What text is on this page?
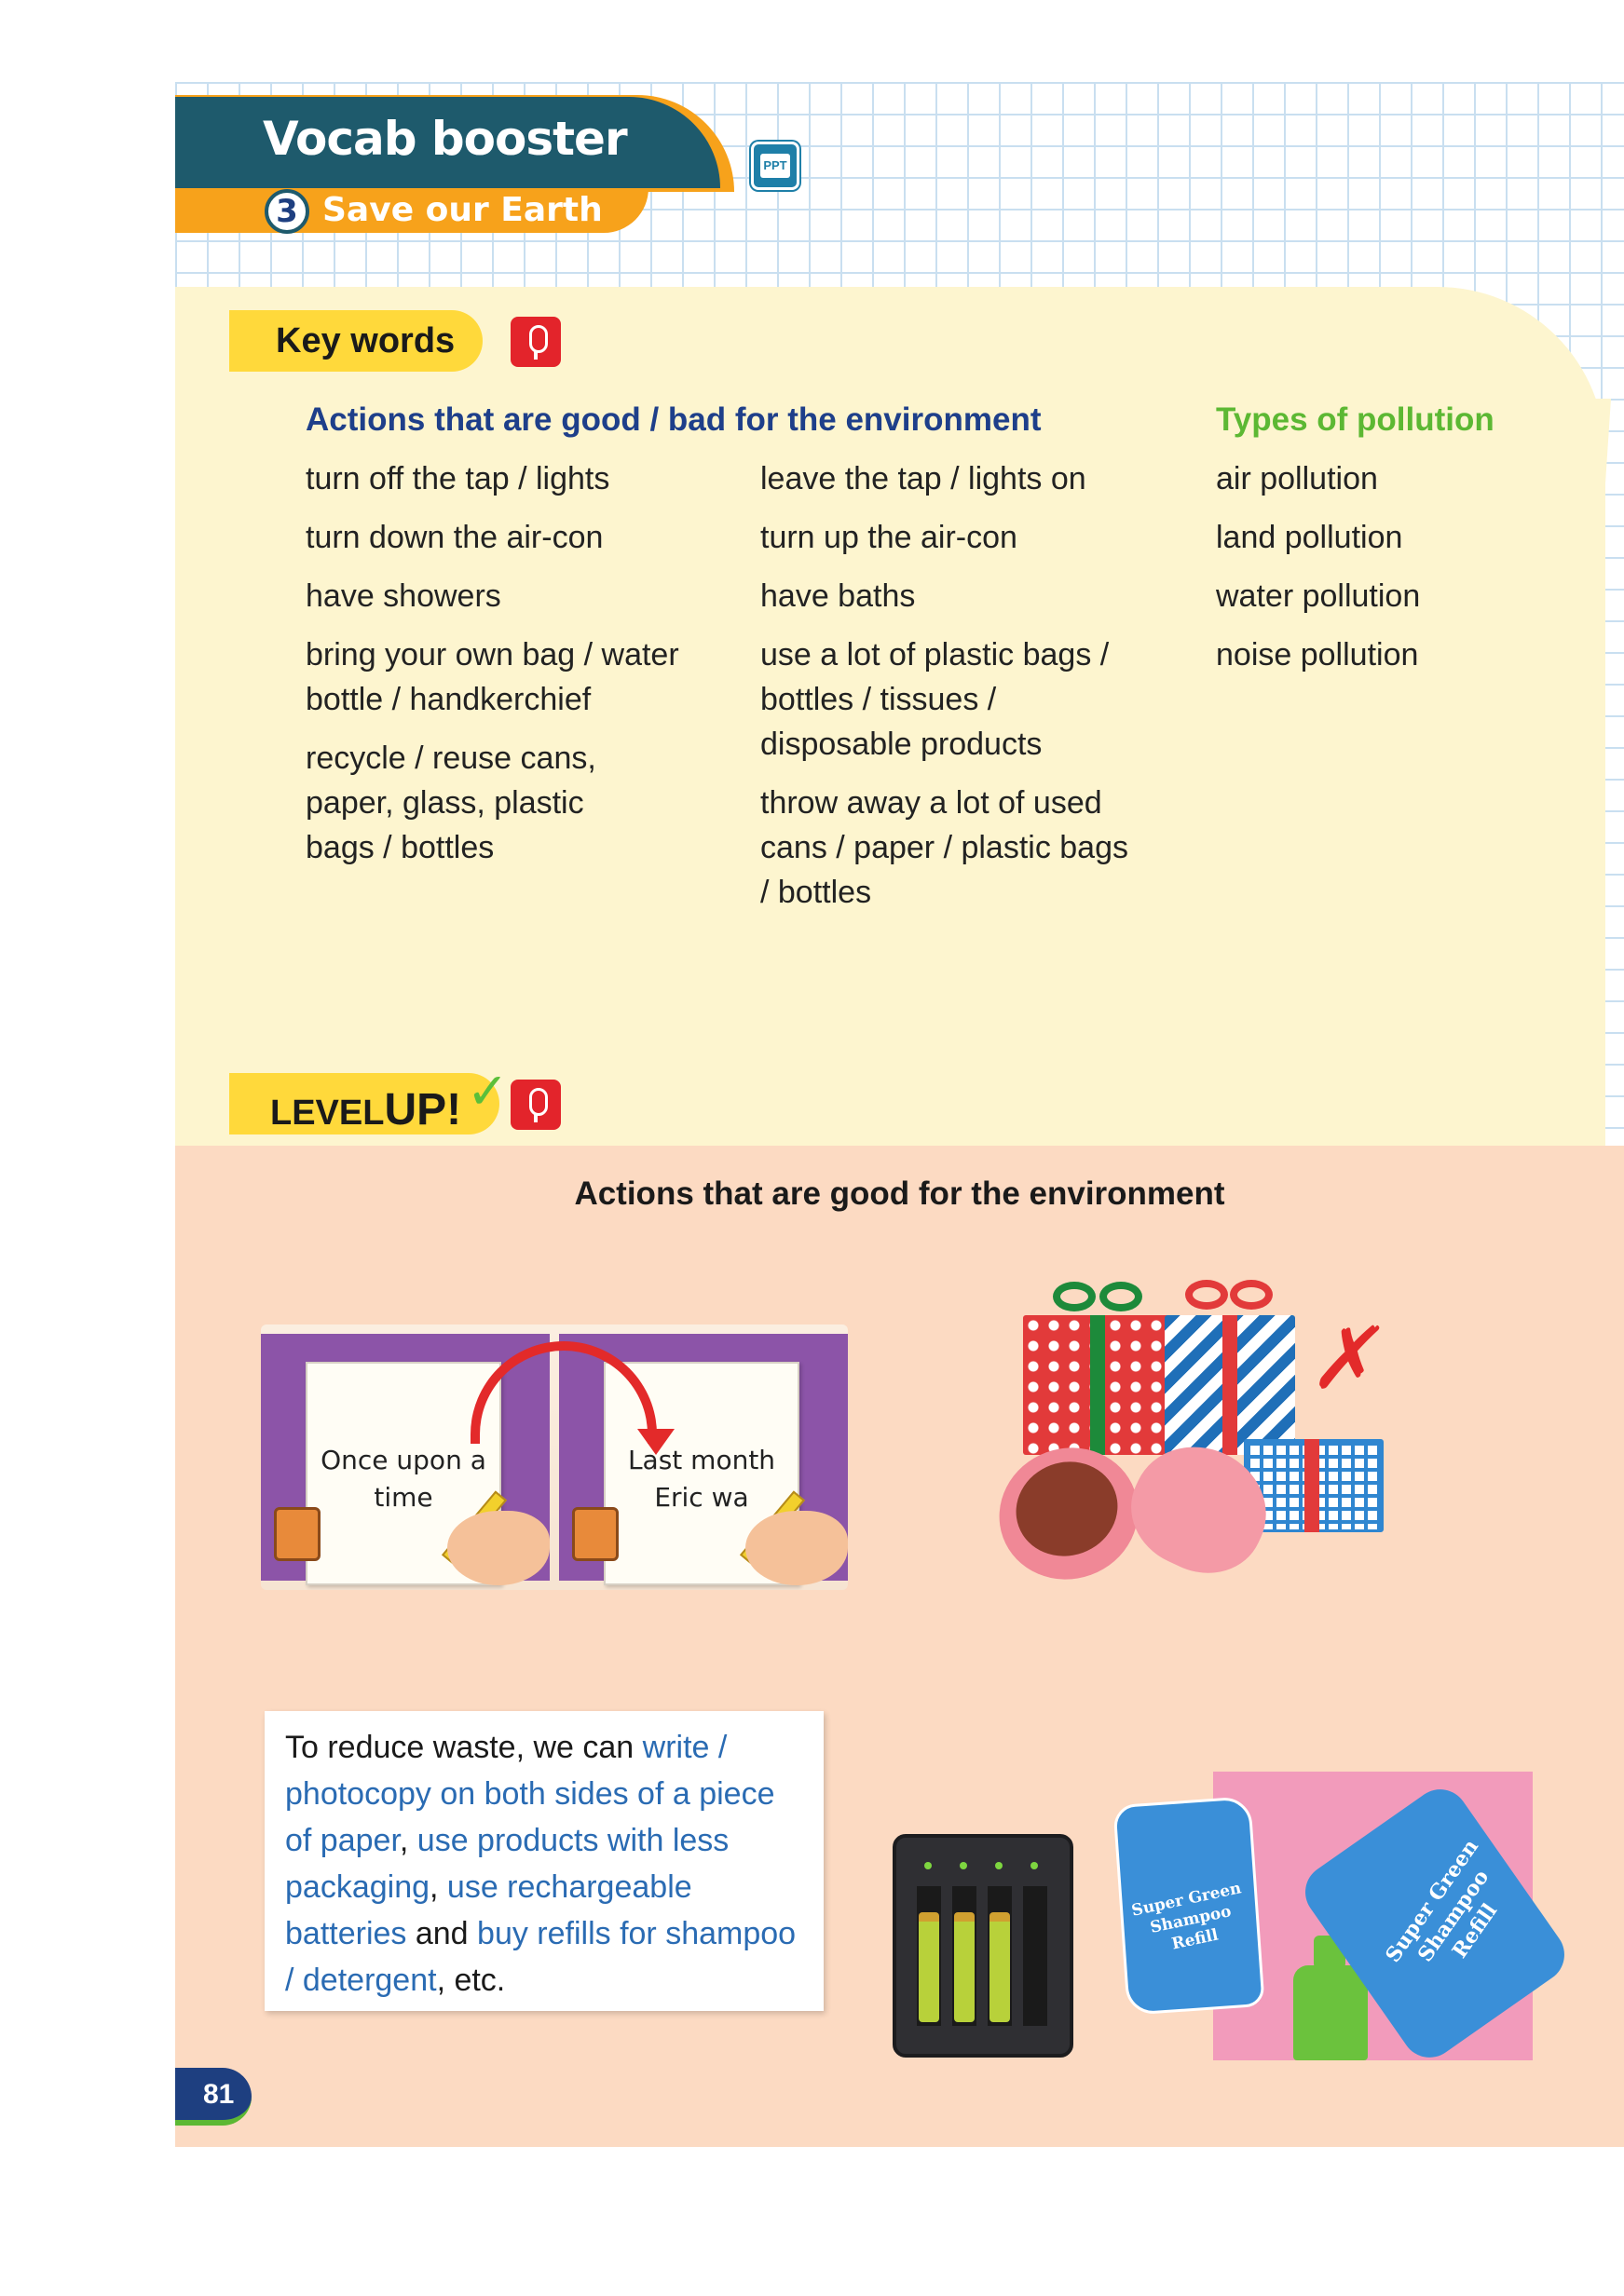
Vocab booster
3 Save our Earth
PPT
Key words
Actions that are good / bad for the environment	Types of pollution
turn off the tap / lights
turn down the air-con
have showers
bring your own bag / water bottle / handkerchief
recycle / reuse cans, paper, glass, plastic bags / bottles
leave the tap / lights on
turn up the air-con
have baths
use a lot of plastic bags / bottles / tissues / disposable products
throw away a lot of used cans / paper / plastic bags / bottles
air pollution
land pollution
water pollution
noise pollution
LEVELUP! ✓
Actions that are good for the environment
Once upon a time
Last month Eric wa
✗
To reduce waste, we can write / photocopy on both sides of a piece of paper, use products with less packaging, use rechargeable batteries and buy refills for shampoo / detergent, etc.
Super Green Shampoo Refill
Super Green Shampoo Refill
81
